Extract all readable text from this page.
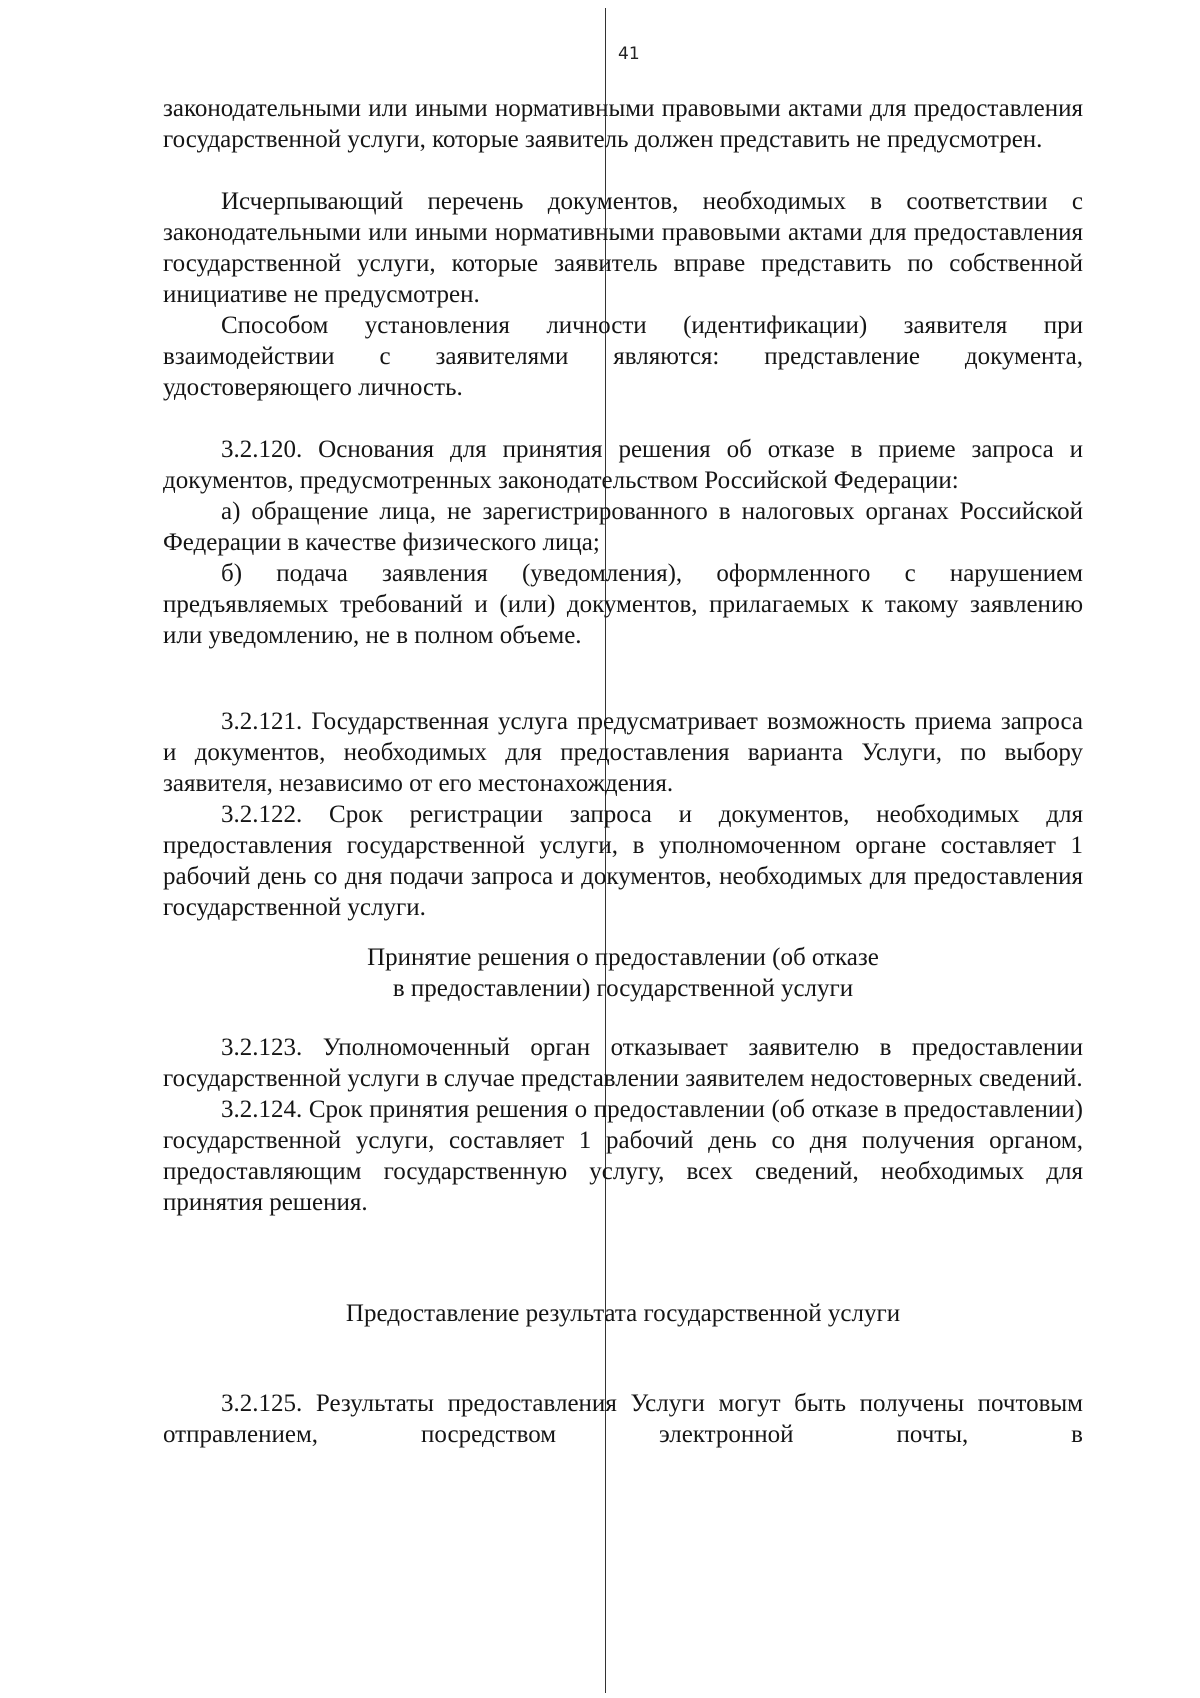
41

законодательными или иными нормативными правовыми актами для предоставления государственной услуги, которые заявитель должен представить не предусмотрен.

Исчерпывающий перечень документов, необходимых в соответствии с законодательными или иными нормативными правовыми актами для предоставления государственной услуги, которые заявитель вправе представить по собственной инициативе не предусмотрен.

Способом установления личности (идентификации) заявителя при взаимодействии с заявителями являются: представление документа, удостоверяющего личность.

3.2.120. Основания для принятия решения об отказе в приеме запроса и документов, предусмотренных законодательством Российской Федерации:

а) обращение лица, не зарегистрированного в налоговых органах Российской Федерации в качестве физического лица;

б) подача заявления (уведомления), оформленного с нарушением предъявляемых требований и (или) документов, прилагаемых к такому заявлению или уведомлению, не в полном объеме.

3.2.121. Государственная услуга предусматривает возможность приема запроса и документов, необходимых для предоставления варианта Услуги, по выбору заявителя, независимо от его местонахождения.

3.2.122. Срок регистрации запроса и документов, необходимых для предоставления государственной услуги, в уполномоченном органе составляет 1 рабочий день со дня подачи запроса и документов, необходимых для предоставления государственной услуги.

Принятие решения о предоставлении (об отказе
в предоставлении) государственной услуги

3.2.123. Уполномоченный орган отказывает заявителю в предоставлении государственной услуги в случае представлении заявителем недостоверных сведений.

3.2.124. Срок принятия решения о предоставлении (об отказе в предоставлении) государственной услуги, составляет 1 рабочий день со дня получения органом, предоставляющим государственную услугу, всех сведений, необходимых для принятия решения.

Предоставление результата государственной услуги

3.2.125. Результаты предоставления Услуги могут быть получены почтовым отправлением, посредством электронной почты, в
